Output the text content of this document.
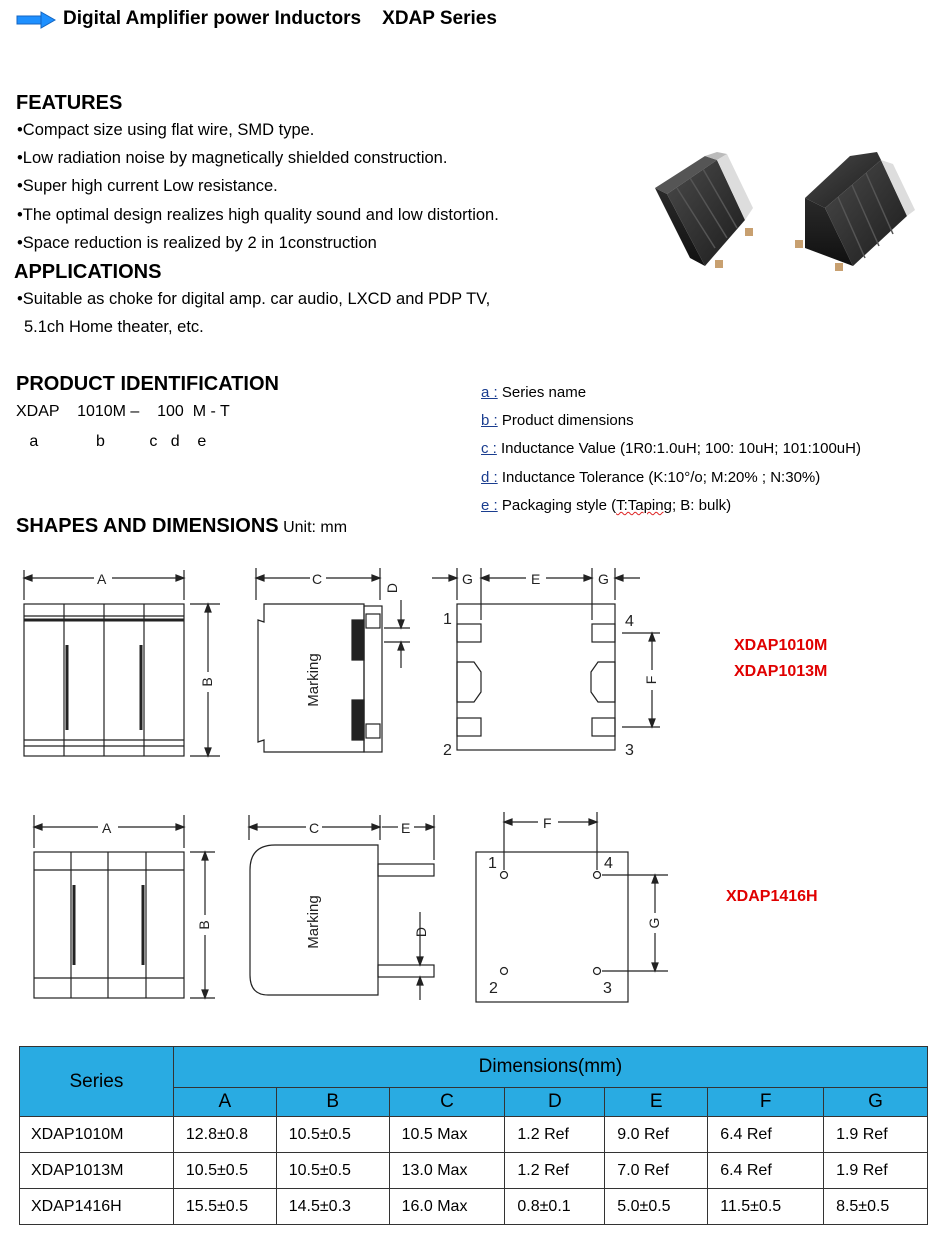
Digital Amplifier power Inductors    XDAP Series
FEATURES
•Compact size using flat wire, SMD type.
•Low radiation noise by magnetically shielded construction.
•Super high current Low resistance.
•The optimal design realizes high quality sound and low distortion.
•Space reduction is realized by 2 in 1construction
APPLICATIONS
•Suitable as choke for digital amp. car audio, LXCD and PDP TV,
5.1ch Home theater, etc.
PRODUCT IDENTIFICATION
XDAP    1010M –    100  M - T
a             b          c   d    e
a : Series name
b : Product dimensions
c : Inductance Value (1R0:1.0uH; 100: 10uH; 101:100uH)
d : Inductance Tolerance (K:10°/o; M:20% ; N:30%)
e : Packaging style (T:Taping; B: bulk)
SHAPES AND DIMENSIONS Unit: mm
A
B
C
D
G	E	G
F
Marking
1
2	3
4
XDAP1010M
XDAP1013M
A
B
C	E
D
F
G
Marking
1
2	3
4
XDAP1416H
Series	Dimensions(mm)						
	A	B	C	D	E	F	G
XDAP1010M	12.8±0.8	10.5±0.5	10.5 Max	1.2 Ref	9.0 Ref	6.4 Ref	1.9 Ref
XDAP1013M	10.5±0.5	10.5±0.5	13.0 Max	1.2 Ref	7.0 Ref	6.4 Ref	1.9 Ref
XDAP1416H	15.5±0.5	14.5±0.3	16.0 Max	0.8±0.1	5.0±0.5	11.5±0.5	8.5±0.5
